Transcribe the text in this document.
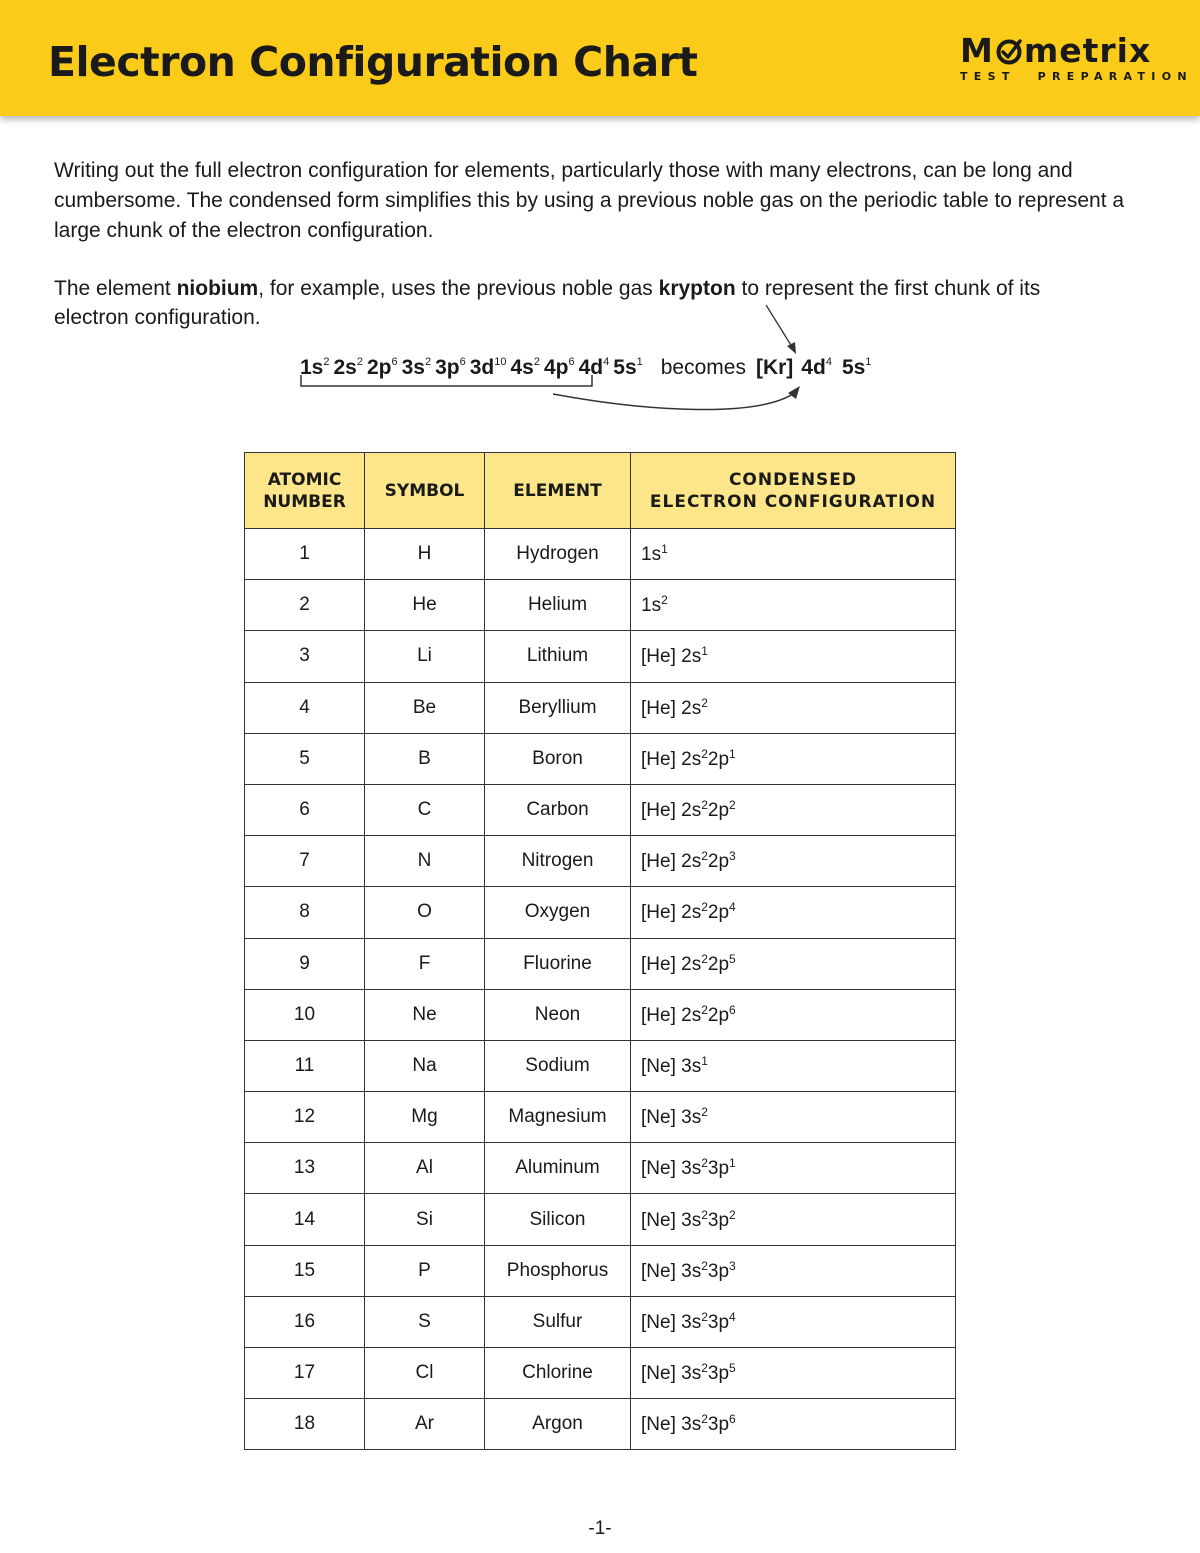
Electron Configuration Chart	M metrix
TEST PREPARATION

Writing out the full electron configuration for elements, particularly those with many electrons, can be long and cumbersome. The condensed form simplifies this by using a previous noble gas on the periodic table to represent a large chunk of the electron configuration.

The element niobium, for example, uses the previous noble gas krypton to represent the first chunk of its electron configuration.

$1s^2$ $2s^2$ $2p^6$ $3s^2$ $3p^6$ $3d^{10}$ $4s^2$ $4p^6$ $4d^4$ $5s^1$ becomes [Kr] $4d^4$ $5s^1$
ATOMIC
NUMBER	SYMBOL	ELEMENT	CONDENSED
ELECTRON CONFIGURATION
1	H	Hydrogen	$1s^1$
2	He	Helium	$1s^2$
3	Li	Lithium	[He] $2s^1$
4	Be	Beryllium	[He] $2s^2$
5	B	Boron	[He] $2s^22p^1$
6	C	Carbon	[He] $2s^22p^2$
7	N	Nitrogen	[He] $2s^22p^3$
8	O	Oxygen	[He] $2s^22p^4$
9	F	Fluorine	[He] $2s^22p^5$
10	Ne	Neon	[He] $2s^22p^6$
11	Na	Sodium	[Ne] $3s^1$
12	Mg	Magnesium	[Ne] $3s^2$
13	Al	Aluminum	[Ne] $3s^23p^1$
14	Si	Silicon	[Ne] $3s^23p^2$
15	P	Phosphorus	[Ne] $3s^23p^3$
16	S	Sulfur	[Ne] $3s^23p^4$
17	Cl	Chlorine	[Ne] $3s^23p^5$
18	Ar	Argon	[Ne] $3s^23p^6$
-1-
